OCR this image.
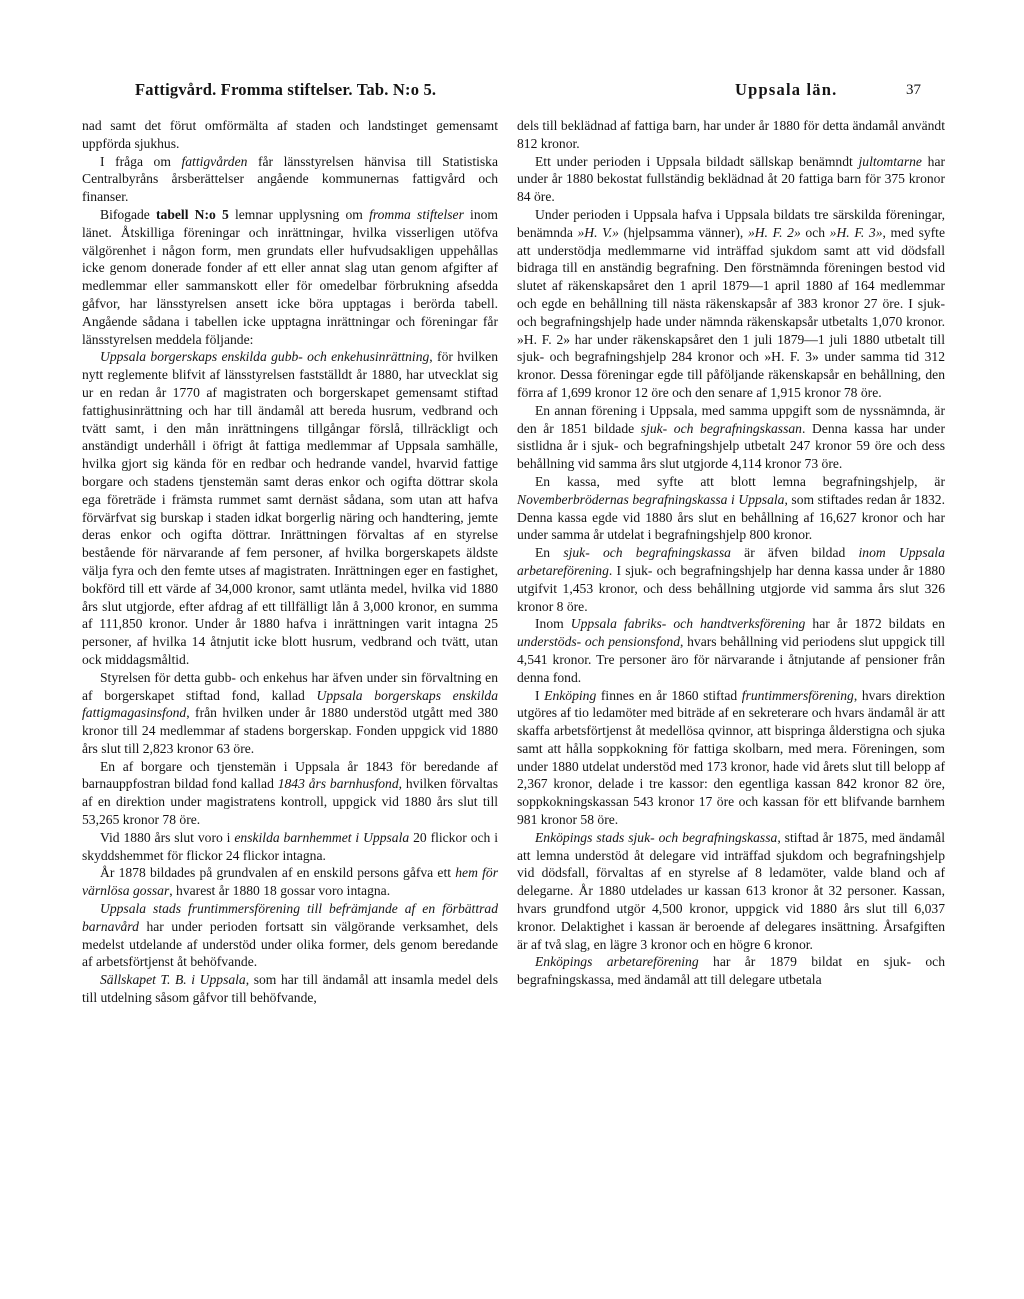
Fattigvård. Fromma stiftelser. Tab. N:o 5.	Uppsala län.	37

nad samt det förut omförmälta af staden och landstinget gemensamt uppförda sjukhus.

I fråga om fattigvården får länsstyrelsen hänvisa till Statistiska Centralbyråns årsberättelser angående kommunernas fattigvård och finanser.

Bifogade tabell N:o 5 lemnar upplysning om fromma stiftelser inom länet. Åtskilliga föreningar och inrättningar, hvilka visserligen utöfva välgörenhet i någon form, men grundats eller hufvudsakligen uppehållas icke genom donerade fonder af ett eller annat slag utan genom afgifter af medlemmar eller sammanskott eller för omedelbar förbrukning afsedda gåfvor, har länsstyrelsen ansett icke böra upptagas i berörda tabell. Angående sådana i tabellen icke upptagna inrättningar och föreningar får länsstyrelsen meddela följande:

Uppsala borgerskaps enskilda gubb- och enkehusinrättning, för hvilken nytt reglemente blifvit af länsstyrelsen fastställdt år 1880, har utvecklat sig ur en redan år 1770 af magistraten och borgerskapet gemensamt stiftad fattighusinrättning och har till ändamål att bereda husrum, vedbrand och tvätt samt, i den mån inrättningens tillgångar förslå, tillräckligt och anständigt underhåll i öfrigt åt fattiga medlemmar af Uppsala samhälle, hvilka gjort sig kända för en redbar och hedrande vandel, hvarvid fattige borgare och stadens tjenstemän samt deras enkor och ogifta döttrar skola ega företräde i främsta rummet samt dernäst sådana, som utan att hafva förvärfvat sig burskap i staden idkat borgerlig näring och handtering, jemte deras enkor och ogifta döttrar. Inrättningen förvaltas af en styrelse bestående för närvarande af fem personer, af hvilka borgerskapets äldste välja fyra och den femte utses af magistraten. Inrättningen eger en fastighet, bokförd till ett värde af 34,000 kronor, samt utlänta medel, hvilka vid 1880 års slut utgjorde, efter afdrag af ett tillfälligt lån å 3,000 kronor, en summa af 111,850 kronor. Under år 1880 hafva i inrättningen varit intagna 25 personer, af hvilka 14 åtnjutit icke blott husrum, vedbrand och tvätt, utan ock middagsmåltid.

Styrelsen för detta gubb- och enkehus har äfven under sin förvaltning en af borgerskapet stiftad fond, kallad Uppsala borgerskaps enskilda fattigmagasinsfond, från hvilken under år 1880 understöd utgått med 380 kronor till 24 medlemmar af stadens borgerskap. Fonden uppgick vid 1880 års slut till 2,823 kronor 63 öre.

En af borgare och tjenstemän i Uppsala år 1843 för beredande af barnauppfostran bildad fond kallad 1843 års barnhusfond, hvilken förvaltas af en direktion under magistratens kontroll, uppgick vid 1880 års slut till 53,265 kronor 78 öre.

Vid 1880 års slut voro i enskilda barnhemmet i Uppsala 20 flickor och i skyddshemmet för flickor 24 flickor intagna.

År 1878 bildades på grundvalen af en enskild persons gåfva ett hem för värnlösa gossar, hvarest år 1880 18 gossar voro intagna.

Uppsala stads fruntimmersförening till befrämjande af en förbättrad barnavård har under perioden fortsatt sin välgörande verksamhet, dels medelst utdelande af understöd under olika former, dels genom beredande af arbetsförtjenst åt behöfvande.

Sällskapet T. B. i Uppsala, som har till ändamål att insamla medel dels till utdelning såsom gåfvor till behöfvande,

dels till beklädnad af fattiga barn, har under år 1880 för detta ändamål användt 812 kronor.

Ett under perioden i Uppsala bildadt sällskap benämndt jultomtarne har under år 1880 bekostat fullständig beklädnad åt 20 fattiga barn för 375 kronor 84 öre.

Under perioden i Uppsala hafva i Uppsala bildats tre särskilda föreningar, benämnda »H. V.» (hjelpsamma vänner), »H. F. 2» och »H. F. 3», med syfte att understödja medlemmarne vid inträffad sjukdom samt att vid dödsfall bidraga till en anständig begrafning. Den förstnämnda föreningen bestod vid slutet af räkenskapsåret den 1 april 1879—1 april 1880 af 164 medlemmar och egde en behållning till nästa räkenskapsår af 383 kronor 27 öre. I sjuk- och begrafningshjelp hade under nämnda räkenskapsår utbetalts 1,070 kronor. »H. F. 2» har under räkenskapsåret den 1 juli 1879—1 juli 1880 utbetalt till sjuk- och begrafningshjelp 284 kronor och »H. F. 3» under samma tid 312 kronor. Dessa föreningar egde till påföljande räkenskapsår en behållning, den förra af 1,699 kronor 12 öre och den senare af 1,915 kronor 78 öre.

En annan förening i Uppsala, med samma uppgift som de nyssnämnda, är den år 1851 bildade sjuk- och begrafningskassan. Denna kassa har under sistlidna år i sjuk- och begrafningshjelp utbetalt 247 kronor 59 öre och dess behållning vid samma års slut utgjorde 4,114 kronor 73 öre.

En kassa, med syfte att blott lemna begrafningshjelp, är Novemberbrödernas begrafningskassa i Uppsala, som stiftades redan år 1832. Denna kassa egde vid 1880 års slut en behållning af 16,627 kronor och har under samma år utdelat i begrafningshjelp 800 kronor.

En sjuk- och begrafningskassa är äfven bildad inom Uppsala arbetareförening. I sjuk- och begrafningshjelp har denna kassa under år 1880 utgifvit 1,453 kronor, och dess behållning utgjorde vid samma års slut 326 kronor 8 öre.

Inom Uppsala fabriks- och handtverksförening har år 1872 bildats en understöds- och pensionsfond, hvars behållning vid periodens slut uppgick till 4,541 kronor. Tre personer äro för närvarande i åtnjutande af pensioner från denna fond.

I Enköping finnes en år 1860 stiftad fruntimmersförening, hvars direktion utgöres af tio ledamöter med biträde af en sekreterare och hvars ändamål är att skaffa arbetsförtjenst åt medellösa qvinnor, att bispringa ålderstigna och sjuka samt att hålla soppkokning för fattiga skolbarn, med mera. Föreningen, som under 1880 utdelat understöd med 173 kronor, hade vid årets slut till belopp af 2,367 kronor, delade i tre kassor: den egentliga kassan 842 kronor 82 öre, soppkokningskassan 543 kronor 17 öre och kassan för ett blifvande barnhem 981 kronor 58 öre.

Enköpings stads sjuk- och begrafningskassa, stiftad år 1875, med ändamål att lemna understöd åt delegare vid inträffad sjukdom och begrafningshjelp vid dödsfall, förvaltas af en styrelse af 8 ledamöter, valde bland och af delegarne. År 1880 utdelades ur kassan 613 kronor åt 32 personer. Kassan, hvars grundfond utgör 4,500 kronor, uppgick vid 1880 års slut till 6,037 kronor. Delaktighet i kassan är beroende af delegares insättning. Årsafgiften är af två slag, en lägre 3 kronor och en högre 6 kronor.

Enköpings arbetareförening har år 1879 bildat en sjuk- och begrafningskassa, med ändamål att till delegare utbetala
